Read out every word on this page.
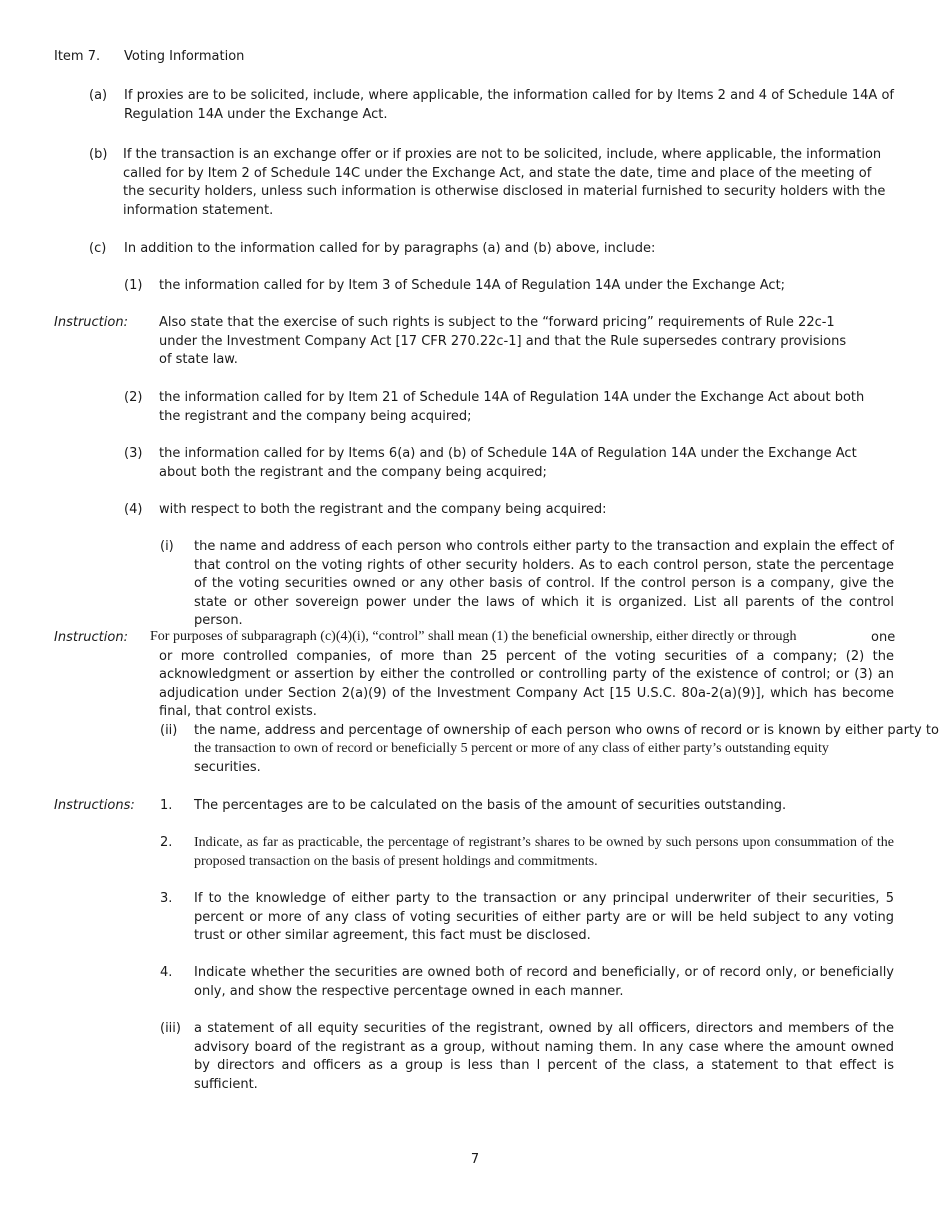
Item 7. Voting Information
(a) If proxies are to be solicited, include, where applicable, the information called for by Items 2 and 4 of Schedule 14A of Regulation 14A under the Exchange Act.
(b) If the transaction is an exchange offer or if proxies are not to be solicited, include, where applicable, the information called for by Item 2 of Schedule 14C under the Exchange Act, and state the date, time and place of the meeting of the security holders, unless such information is otherwise disclosed in material furnished to security holders with the information statement.
(c) In addition to the information called for by paragraphs (a) and (b) above, include:
(1) the information called for by Item 3 of Schedule 14A of Regulation 14A under the Exchange Act;
Instruction: Also state that the exercise of such rights is subject to the “forward pricing” requirements of Rule 22c-1 under the Investment Company Act [17 CFR 270.22c-1] and that the Rule supersedes contrary provisions of state law.
(2) the information called for by Item 21 of Schedule 14A of Regulation 14A under the Exchange Act about both the registrant and the company being acquired;
(3) the information called for by Items 6(a) and (b) of Schedule 14A of Regulation 14A under the Exchange Act about both the registrant and the company being acquired;
(4) with respect to both the registrant and the company being acquired:
(i) the name and address of each person who controls either party to the transaction and explain the effect of that control on the voting rights of other security holders. As to each control person, state the percentage of the voting securities owned or any other basis of control. If the control person is a company, give the state or other sovereign power under the laws of which it is organized. List all parents of the control person.
Instruction: For purposes of subparagraph (c)(4)(i), “control” shall mean (1) the beneficial ownership, either directly or through	one or more controlled companies, of more than 25 percent of the voting securities of a company; (2) the acknowledgment or assertion by either the controlled or controlling party of the existence of control; or (3) an adjudication under Section 2(a)(9) of the Investment Company Act [15 U.S.C. 80a-2(a)(9)], which has become final, that control exists.
(ii) the name, address and percentage of ownership of each person who owns of record or is known by either party to
the transaction to own of record or beneficially 5 percent or more of any class of either party’s outstanding equity
securities.
Instructions: 1. The percentages are to be calculated on the basis of the amount of securities outstanding.
2. Indicate, as far as practicable, the percentage of registrant’s shares to be owned by such persons upon consummation of the proposed transaction on the basis of present holdings and commitments.
3. If to the knowledge of either party to the transaction or any principal underwriter of their securities, 5 percent or more of any class of voting securities of either party are or will be held subject to any voting trust or other similar agreement, this fact must be disclosed.
4. Indicate whether the securities are owned both of record and beneficially, or of record only, or beneficially only, and show the respective percentage owned in each manner.
(iii) a statement of all equity securities of the registrant, owned by all officers, directors and members of the advisory board of the registrant as a group, without naming them. In any case where the amount owned by directors and officers as a group is less than l percent of the class, a statement to that effect is sufficient.
7
